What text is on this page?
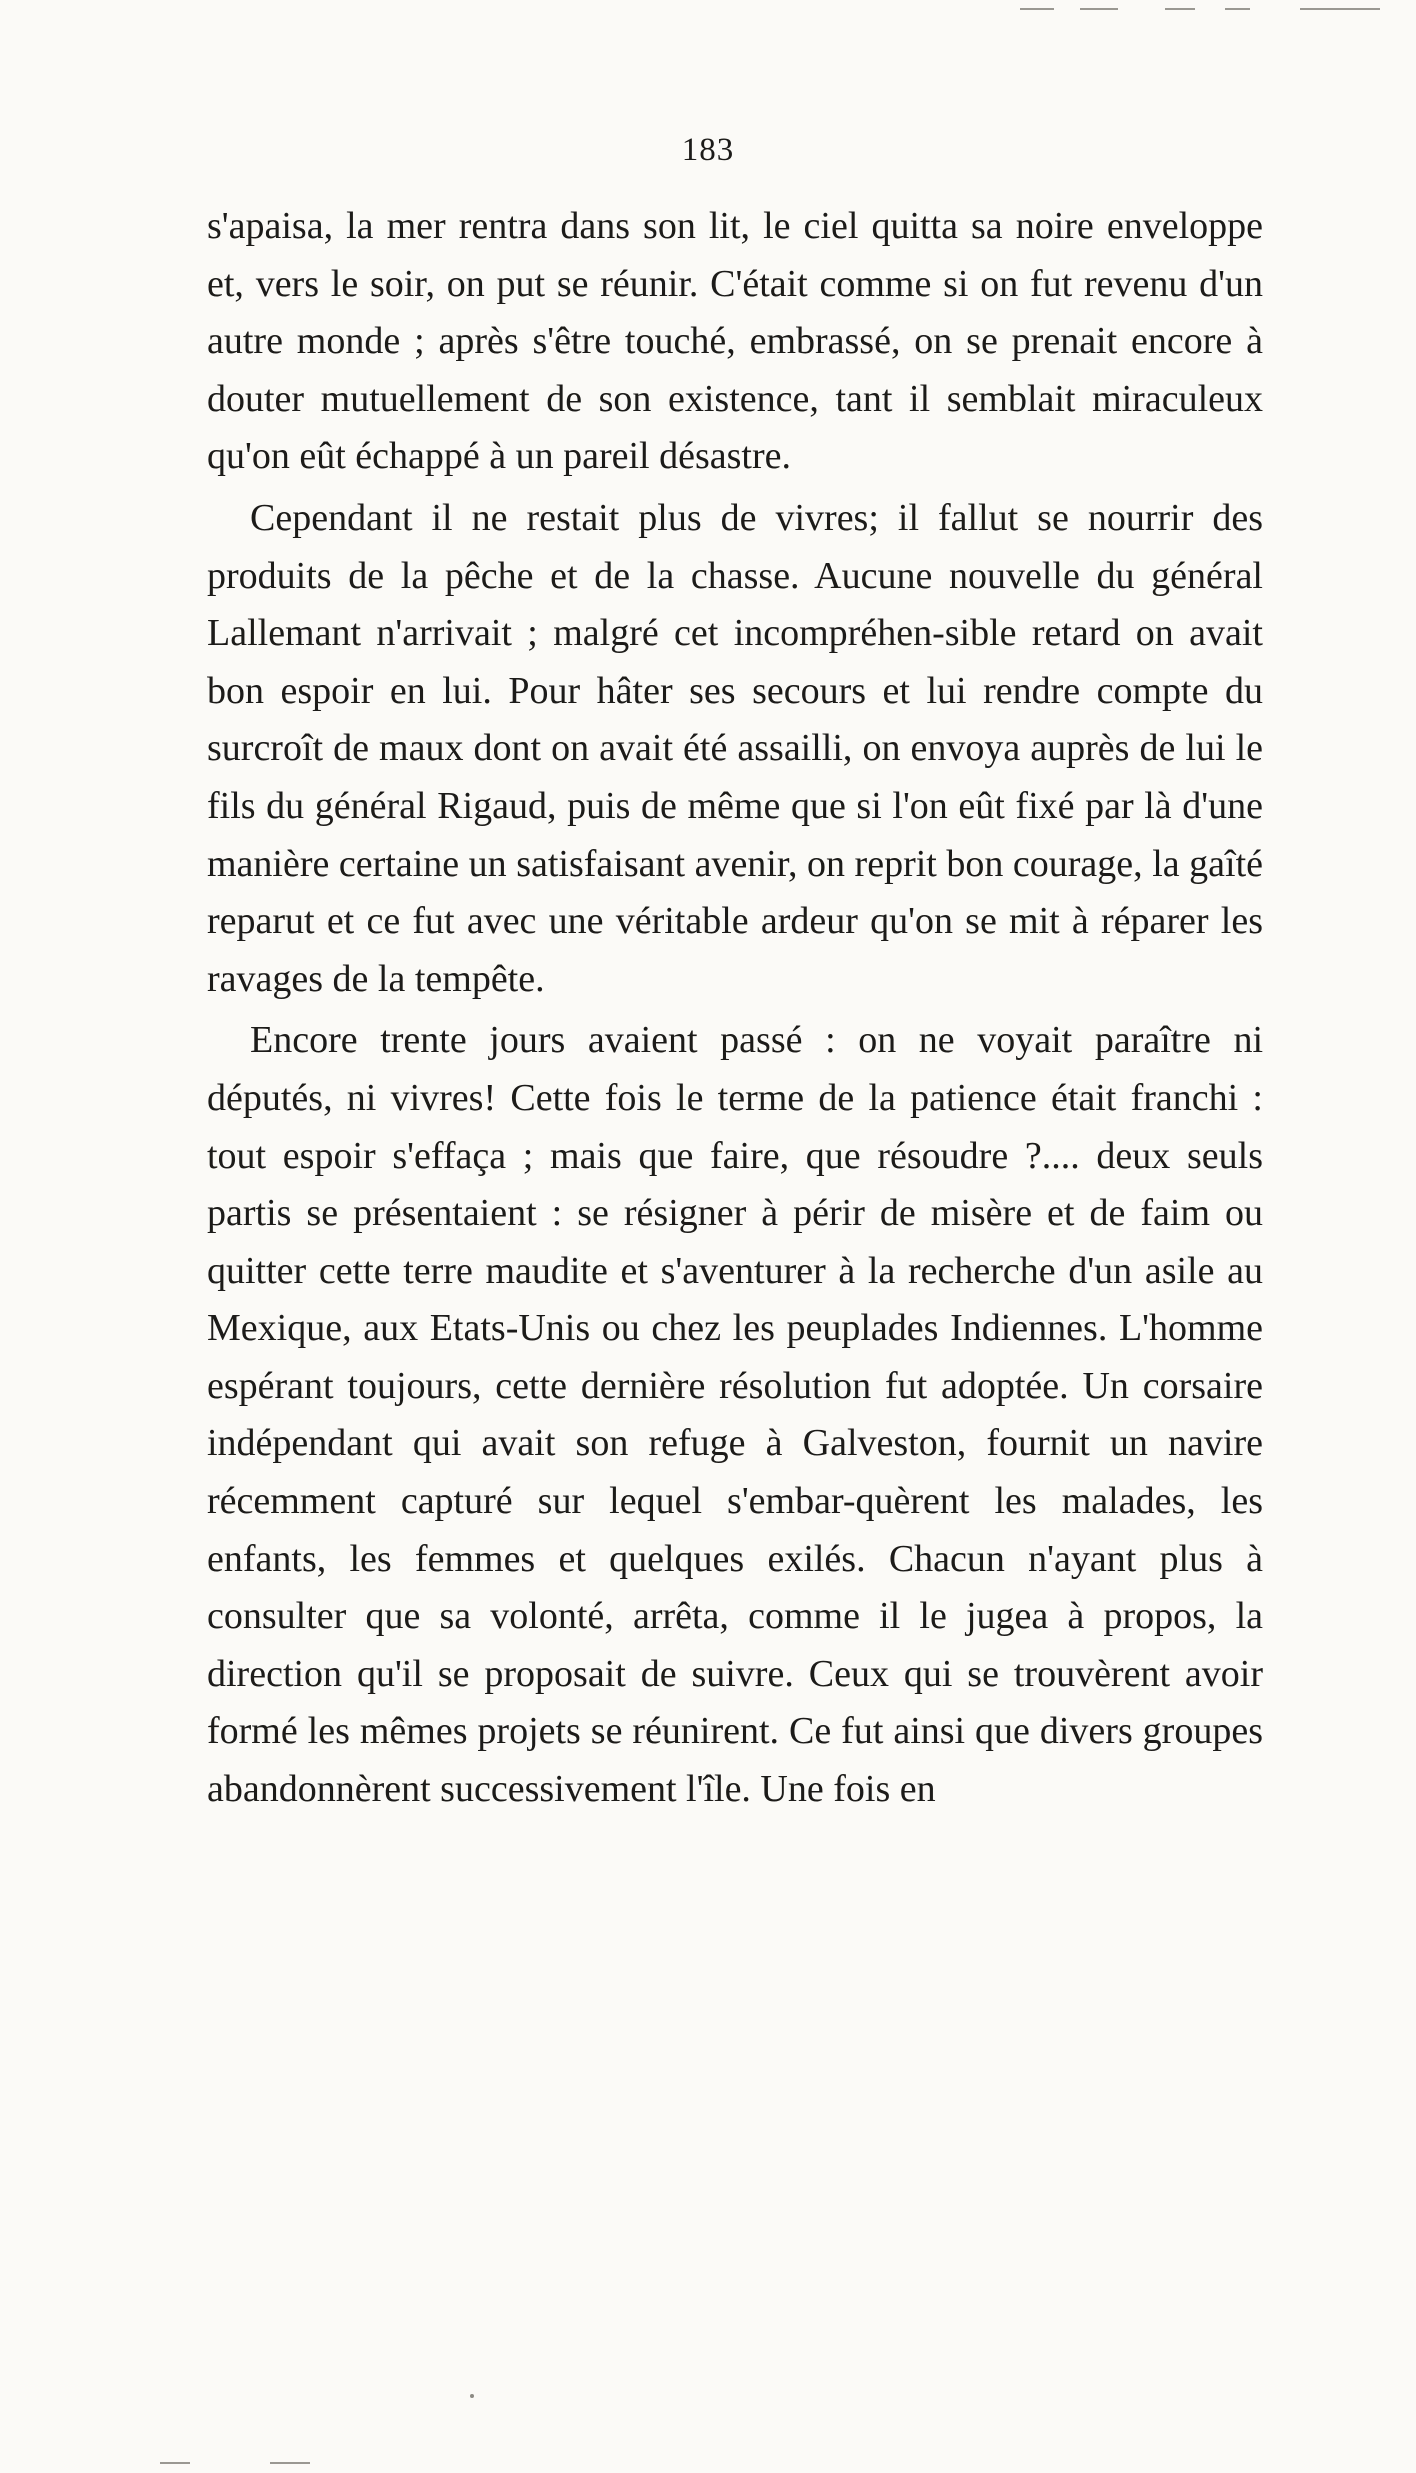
183

s'apaisa, la mer rentra dans son lit, le ciel quitta sa noire enveloppe et, vers le soir, on put se réunir. C'était comme si on fut revenu d'un autre monde ; après s'être touché, embrassé, on se prenait encore à douter mutuellement de son existence, tant il semblait miraculeux qu'on eût échappé à un pareil désastre.

Cependant il ne restait plus de vivres; il fallut se nourrir des produits de la pêche et de la chasse. Aucune nouvelle du général Lallemant n'arrivait ; malgré cet incompréhen-sible retard on avait bon espoir en lui. Pour hâter ses secours et lui rendre compte du surcroît de maux dont on avait été assailli, on envoya auprès de lui le fils du général Rigaud, puis de même que si l'on eût fixé par là d'une manière certaine un satisfaisant avenir, on reprit bon courage, la gaîté reparut et ce fut avec une véritable ardeur qu'on se mit à réparer les ravages de la tempête.

Encore trente jours avaient passé : on ne voyait paraître ni députés, ni vivres! Cette fois le terme de la patience était franchi : tout espoir s'effaça ; mais que faire, que résoudre ?.... deux seuls partis se présentaient : se résigner à périr de misère et de faim ou quitter cette terre maudite et s'aventurer à la recherche d'un asile au Mexique, aux Etats-Unis ou chez les peuplades Indiennes. L'homme espérant toujours, cette dernière résolution fut adoptée. Un corsaire indépendant qui avait son refuge à Galveston, fournit un navire récemment capturé sur lequel s'embar-quèrent les malades, les enfants, les femmes et quelques exilés. Chacun n'ayant plus à consulter que sa volonté, arrêta, comme il le jugea à propos, la direction qu'il se proposait de suivre. Ceux qui se trouvèrent avoir formé les mêmes projets se réunirent. Ce fut ainsi que divers groupes abandonnèrent successivement l'île. Une fois en
